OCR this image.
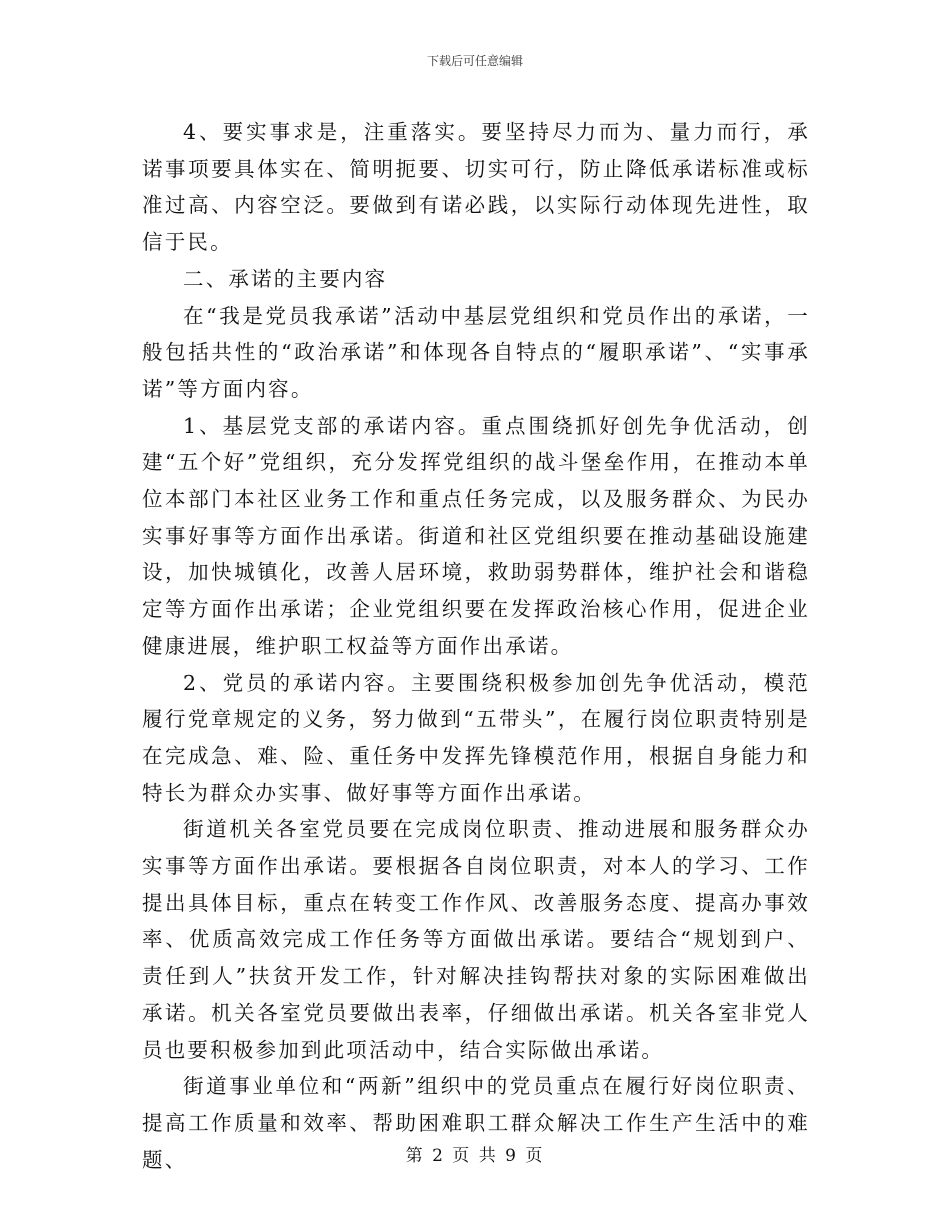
下载后可任意编辑

4、要实事求是，注重落实。要坚持尽力而为、量力而行，承诺事项要具体实在、简明扼要、切实可行，防止降低承诺标准或标准过高、内容空泛。要做到有诺必践，以实际行动体现先进性，取信于民。

二、承诺的主要内容

在“我是党员我承诺”活动中基层党组织和党员作出的承诺，一般包括共性的“政治承诺”和体现各自特点的“履职承诺”、“实事承诺”等方面内容。

1、基层党支部的承诺内容。重点围绕抓好创先争优活动，创建“五个好”党组织，充分发挥党组织的战斗堡垒作用，在推动本单位本部门本社区业务工作和重点任务完成，以及服务群众、为民办实事好事等方面作出承诺。街道和社区党组织要在推动基础设施建设，加快城镇化，改善人居环境，救助弱势群体，维护社会和谐稳定等方面作出承诺；企业党组织要在发挥政治核心作用，促进企业健康进展，维护职工权益等方面作出承诺。

2、党员的承诺内容。主要围绕积极参加创先争优活动，模范履行党章规定的义务，努力做到“五带头”，在履行岗位职责特别是在完成急、难、险、重任务中发挥先锋模范作用，根据自身能力和特长为群众办实事、做好事等方面作出承诺。

街道机关各室党员要在完成岗位职责、推动进展和服务群众办实事等方面作出承诺。要根据各自岗位职责，对本人的学习、工作提出具体目标，重点在转变工作作风、改善服务态度、提高办事效率、优质高效完成工作任务等方面做出承诺。要结合“规划到户、责任到人”扶贫开发工作，针对解决挂钩帮扶对象的实际困难做出承诺。机关各室党员要做出表率，仔细做出承诺。机关各室非党人员也要积极参加到此项活动中，结合实际做出承诺。

街道事业单位和“两新”组织中的党员重点在履行好岗位职责、提高工作质量和效率、帮助困难职工群众解决工作生产生活中的难题、	第 2 页 共 9 页
